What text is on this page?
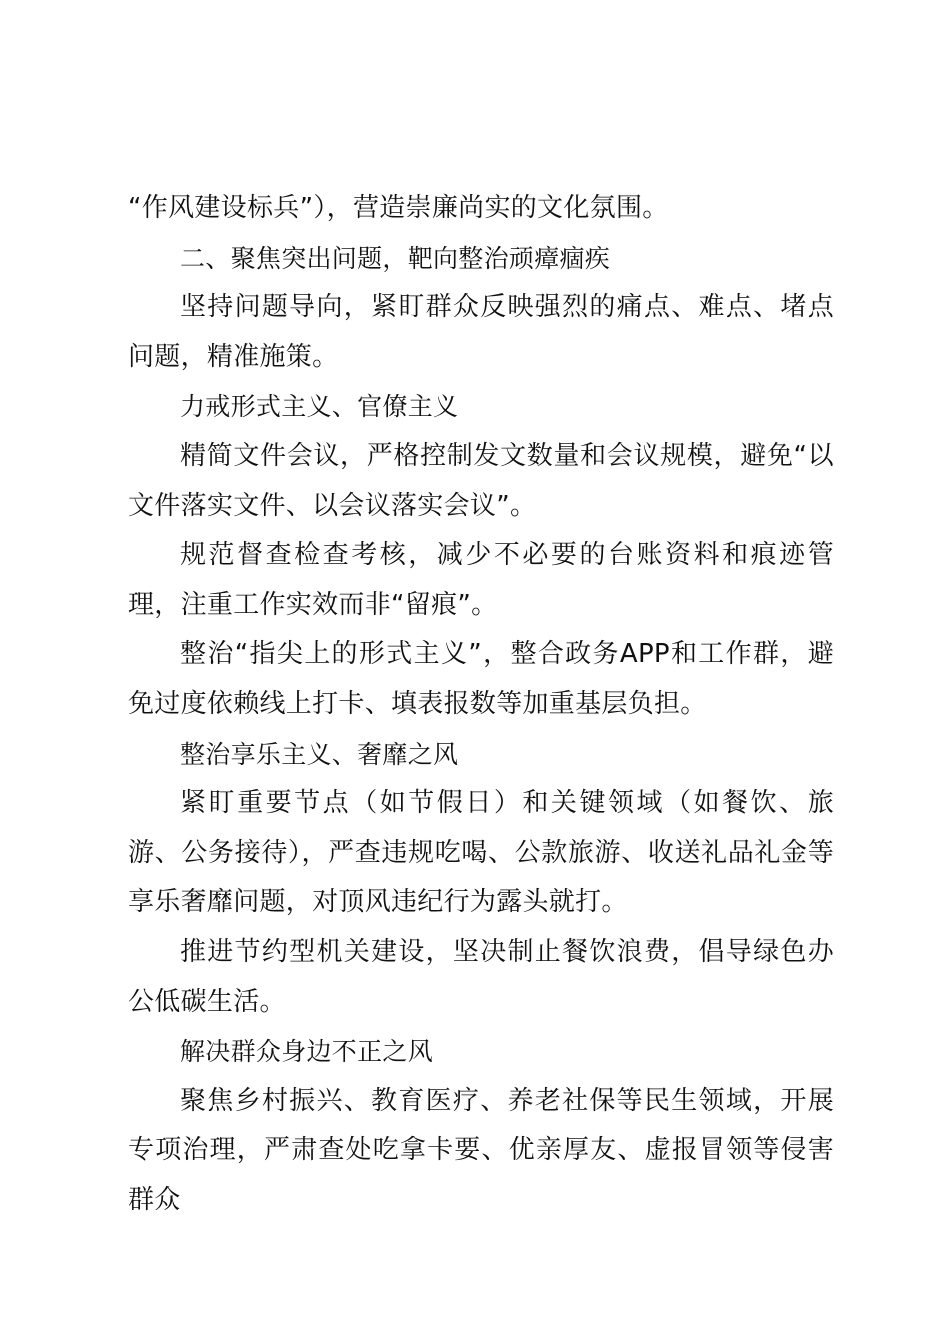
“作风建设标兵”），营造崇廉尚实的文化氛围。

二、聚焦突出问题，靶向整治顽瘴痼疾

坚持问题导向，紧盯群众反映强烈的痛点、难点、堵点问题，精准施策。

力戒形式主义、官僚主义

精简文件会议，严格控制发文数量和会议规模，避免“以文件落实文件、以会议落实会议”。

规范督查检查考核，减少不必要的台账资料和痕迹管理，注重工作实效而非“留痕”。

整治“指尖上的形式主义”，整合政务APP和工作群，避免过度依赖线上打卡、填表报数等加重基层负担。

整治享乐主义、奢靡之风

紧盯重要节点（如节假日）和关键领域（如餐饮、旅游、公务接待），严查违规吃喝、公款旅游、收送礼品礼金等享乐奢靡问题，对顶风违纪行为露头就打。

推进节约型机关建设，坚决制止餐饮浪费，倡导绿色办公低碳生活。

解决群众身边不正之风

聚焦乡村振兴、教育医疗、养老社保等民生领域，开展专项治理，严肃查处吃拿卡要、优亲厚友、虚报冒领等侵害群众
